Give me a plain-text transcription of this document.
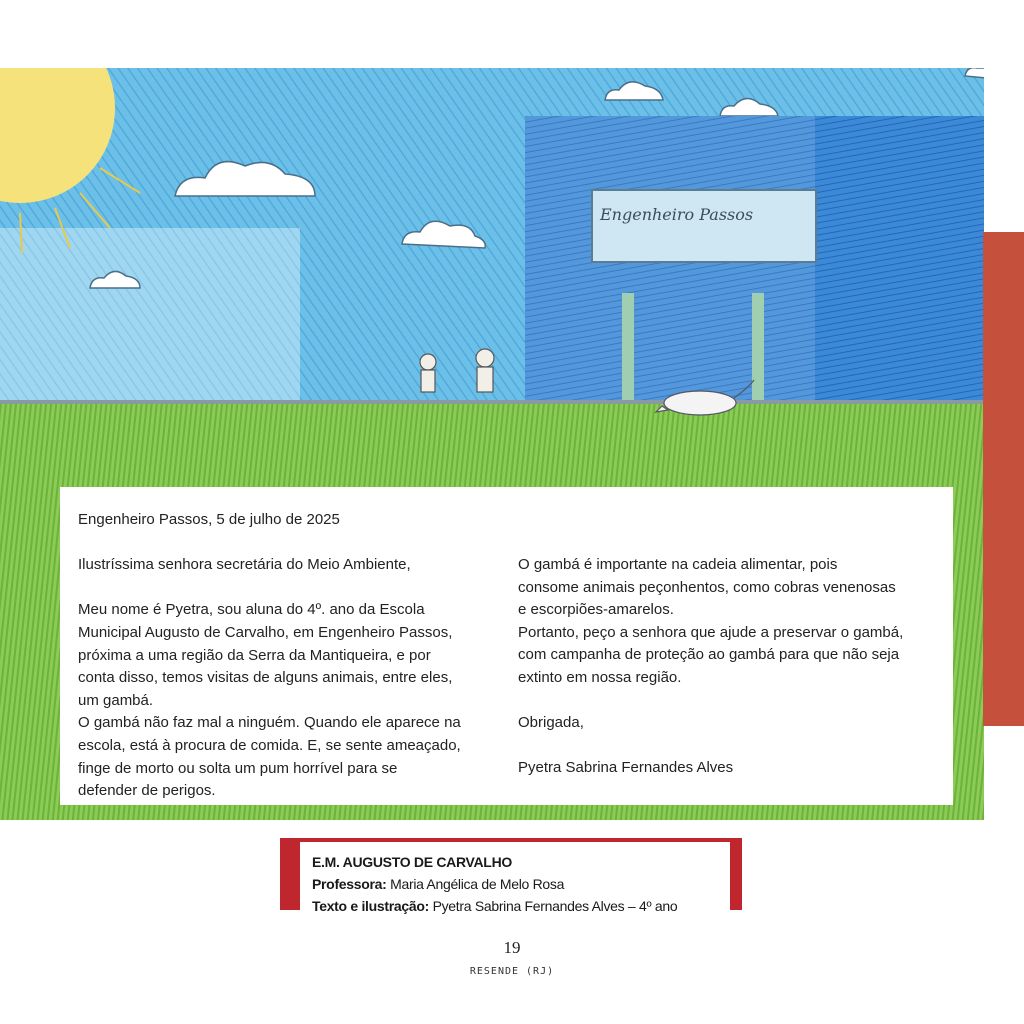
Engenheiro Passos

Engenheiro Passos, 5 de julho de 2025

Ilustríssima senhora secretária do Meio Ambiente,

Meu nome é Pyetra, sou aluna do 4º. ano da Escola

Municipal Augusto de Carvalho, em Engenheiro Passos,

próxima a uma região da Serra da Mantiqueira, e por

conta disso, temos visitas de alguns animais, entre eles,

um gambá.

O gambá não faz mal a ninguém. Quando ele aparece na

escola, está à procura de comida. E, se sente ameaçado,

finge de morto ou solta um pum horrível para se

defender de perigos.

O gambá é importante na cadeia alimentar, pois

consome animais peçonhentos, como cobras venenosas

e escorpiões-amarelos.

Portanto, peço a senhora que ajude a preservar o gambá,

com campanha de proteção ao gambá para que não seja

extinto em nossa região.

Obrigada,

Pyetra Sabrina Fernandes Alves

E.M. AUGUSTO DE CARVALHO
Professora: Maria Angélica de Melo Rosa
Texto e ilustração: Pyetra Sabrina Fernandes Alves – 4º ano
19
RESENDE (RJ)
